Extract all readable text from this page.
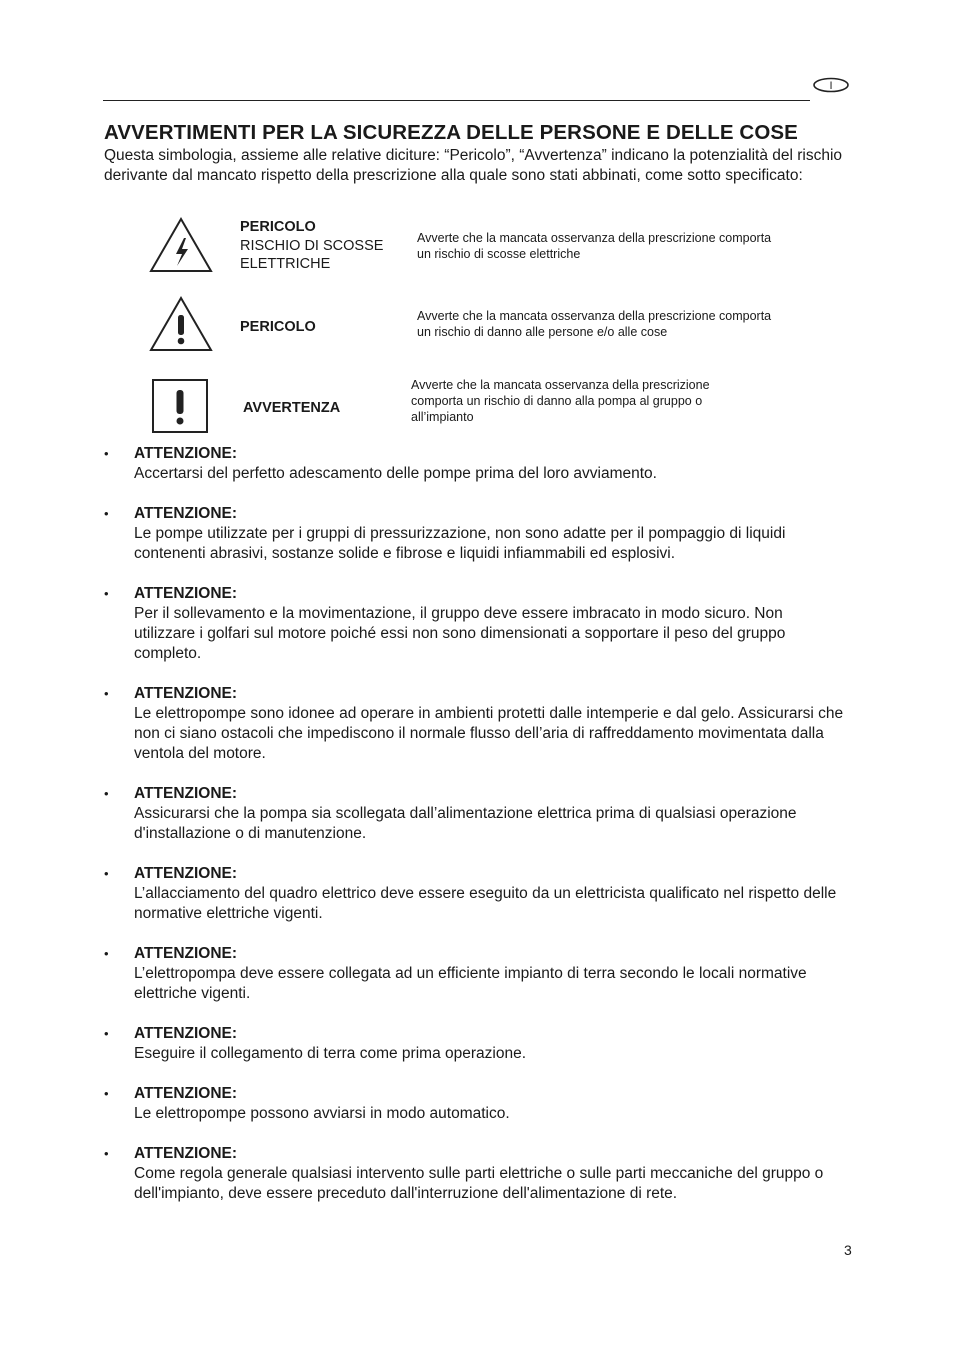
I
AVVERTIMENTI PER LA SICUREZZA DELLE PERSONE E DELLE COSE
Questa simbologia, assieme alle relative diciture: “Pericolo”, “Avvertenza” indicano la potenzialità del rischio derivante dal mancato rispetto della prescrizione alla quale sono stati abbinati, come sotto specificato:
PERICOLO
RISCHIO DI SCOSSE ELETTRICHE
Avverte che la mancata osservanza della prescrizione comporta un rischio di scosse elettriche
PERICOLO
Avverte che la mancata osservanza della prescrizione comporta un rischio di danno alle persone e/o alle cose
AVVERTENZA
Avverte che la mancata osservanza della prescrizione comporta un rischio di danno alla pompa al gruppo o all’impianto
•	ATTENZIONE:
Accertarsi del perfetto adescamento delle pompe prima del loro avviamento.
•	ATTENZIONE:
Le pompe utilizzate per i gruppi di pressurizzazione, non sono adatte per il pompaggio di liquidi contenenti abrasivi, sostanze solide e fibrose e liquidi infiammabili ed esplosivi.
•	ATTENZIONE:
Per il sollevamento e la movimentazione, il gruppo deve essere imbracato in modo sicuro. Non utilizzare i golfari sul motore poiché essi non sono dimensionati a sopportare il peso del gruppo completo.
•	ATTENZIONE:
Le elettropompe sono idonee ad operare in ambienti protetti dalle intemperie e dal gelo. Assicurarsi che non ci siano ostacoli che impediscono il normale flusso dell’aria di raffreddamento movimentata dalla ventola del motore.
•	ATTENZIONE:
Assicurarsi che la pompa sia scollegata dall’alimentazione elettrica prima di qualsiasi operazione d'installazione o di manutenzione.
•	ATTENZIONE:
L’allacciamento del quadro elettrico deve essere eseguito da un elettricista qualificato nel rispetto delle normative elettriche vigenti.
•	ATTENZIONE:
L’elettropompa deve essere collegata ad un efficiente impianto di terra secondo le locali normative elettriche vigenti.
•	ATTENZIONE:
Eseguire il collegamento di terra come prima operazione.
•	ATTENZIONE:
Le elettropompe possono avviarsi in modo automatico.
•	ATTENZIONE:
Come regola generale qualsiasi intervento sulle parti elettriche o sulle parti meccaniche del gruppo o dell'impianto, deve essere preceduto dall'interruzione dell'alimentazione di rete.
3
